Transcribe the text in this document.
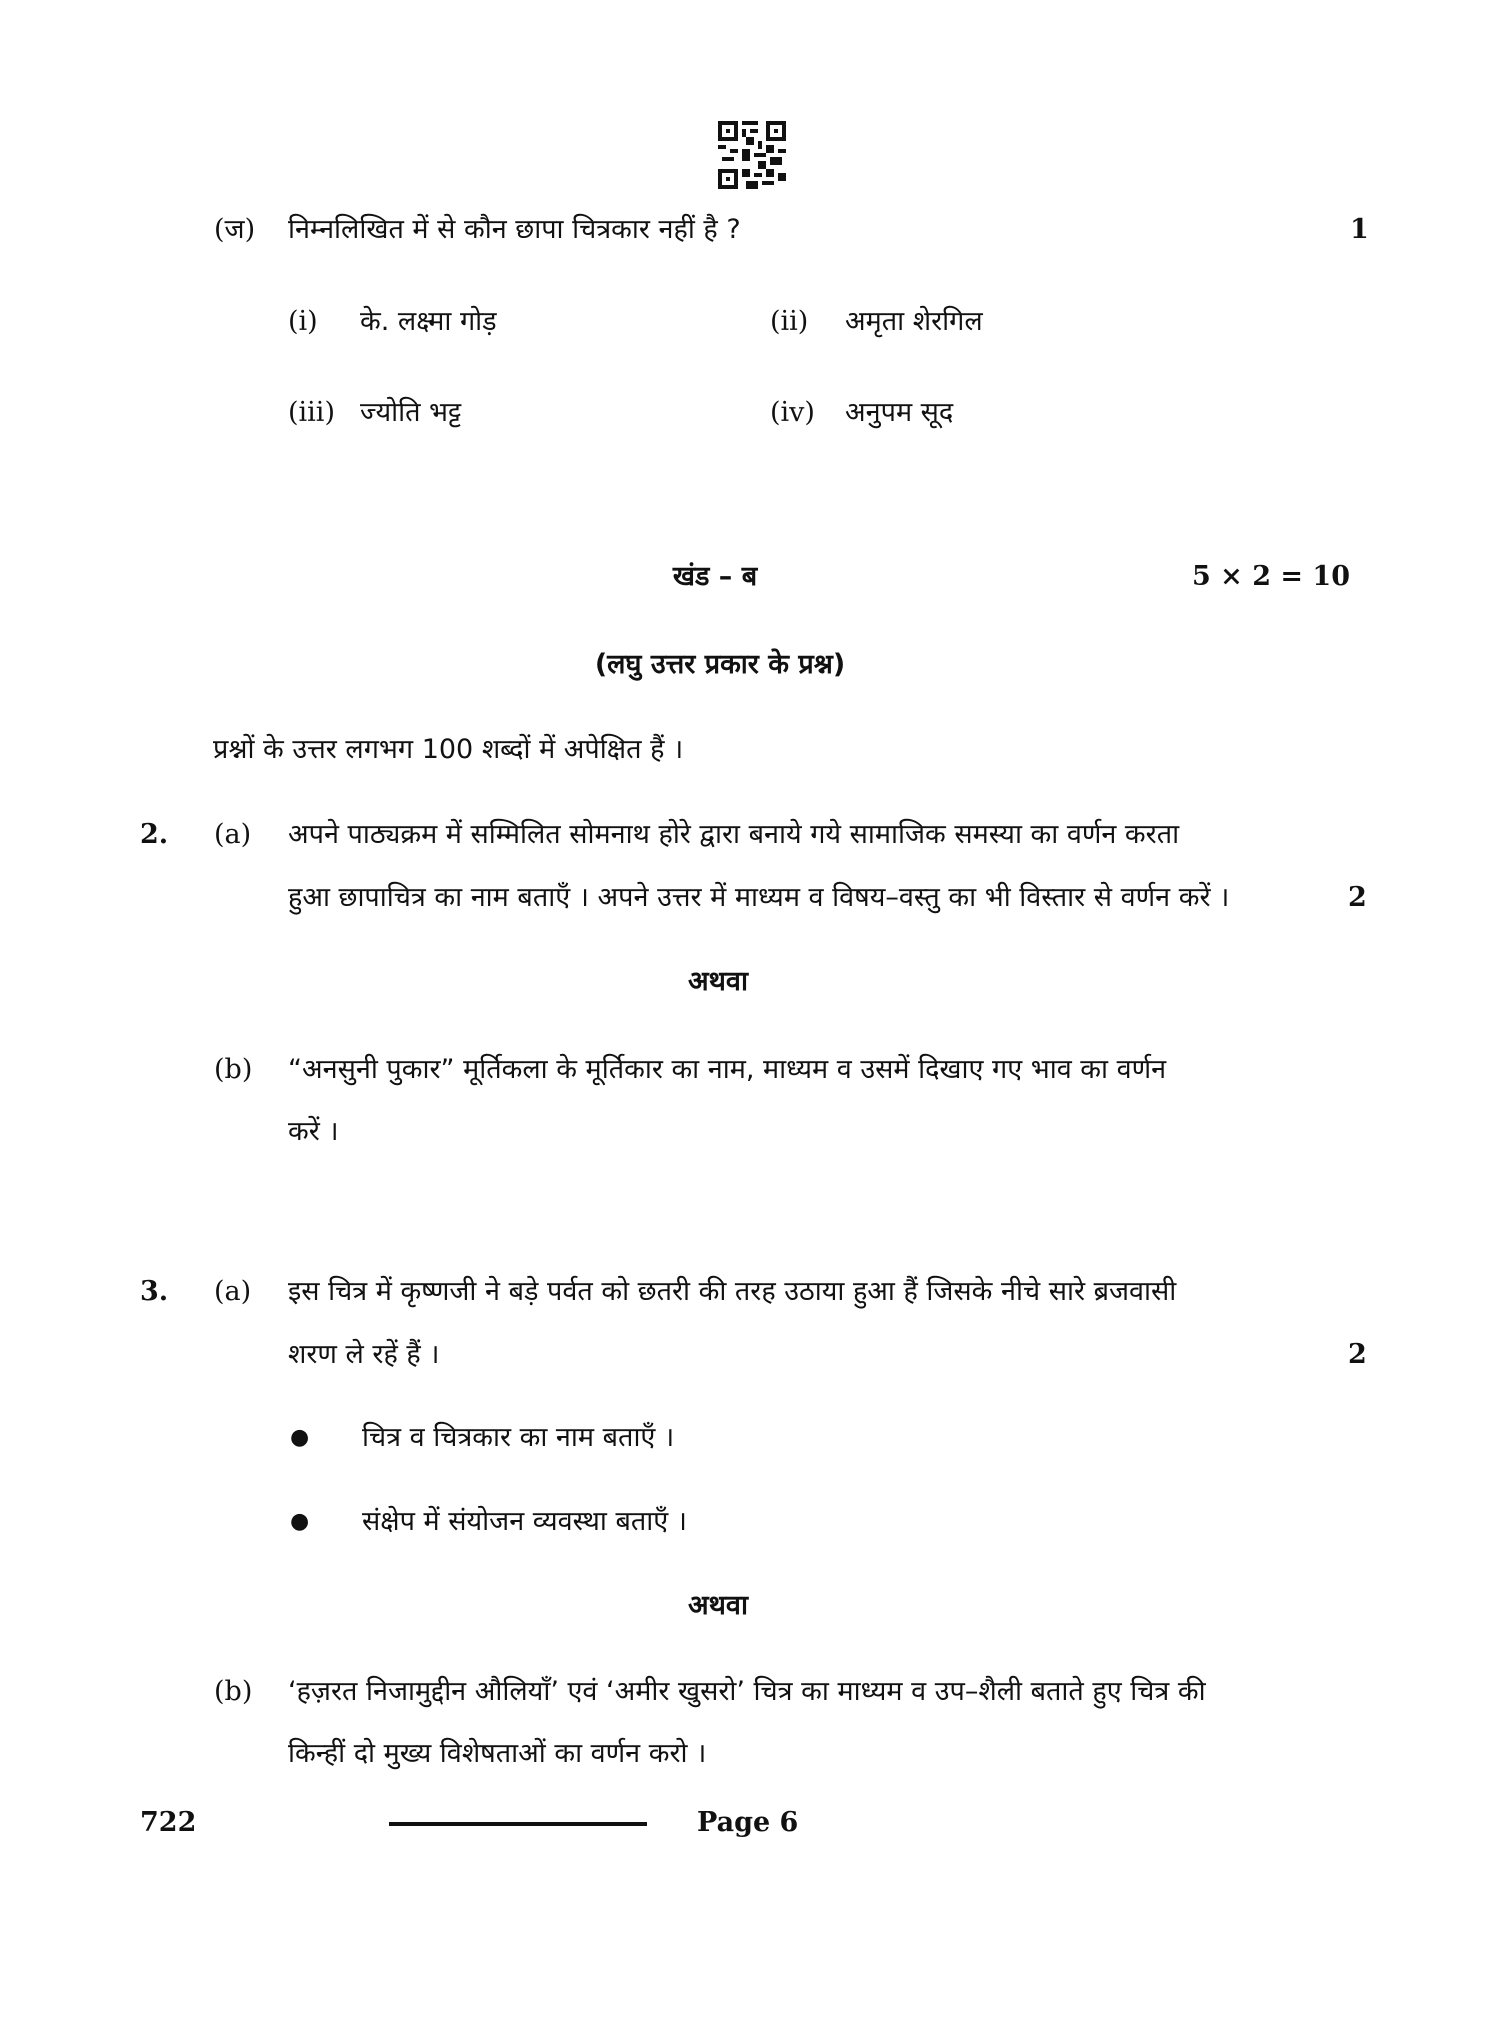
(ज) निम्नलिखित में से कौन छापा चित्रकार नहीं है ?	1
(i) के. लक्ष्मा गोड़	(ii) अमृता शेरगिल
(iii) ज्योति भट्ट	(iv) अनुपम सूद
खंड – ब	5 × 2 = 10
(लघु उत्तर प्रकार के प्रश्न)
प्रश्नों के उत्तर लगभग 100 शब्दों में अपेक्षित हैं ।
2. (a) अपने पाठ्यक्रम में सम्मिलित सोमनाथ होरे द्वारा बनाये गये सामाजिक समस्या का वर्णन करता
हुआ छापाचित्र का नाम बताएँ । अपने उत्तर में माध्यम व विषय–वस्तु का भी विस्तार से वर्णन करें ।	2
अथवा
(b) “अनसुनी पुकार” मूर्तिकला के मूर्तिकार का नाम, माध्यम व उसमें दिखाए गए भाव का वर्णन
करें ।
3. (a) इस चित्र में कृष्णजी ने बड़े पर्वत को छतरी की तरह उठाया हुआ हैं जिसके नीचे सारे ब्रजवासी
शरण ले रहें हैं ।	2
● चित्र व चित्रकार का नाम बताएँ ।
● संक्षेप में संयोजन व्यवस्था बताएँ ।
अथवा
(b) ‘हज़रत निजामुद्दीन औलियाँ’ एवं ‘अमीर खुसरो’ चित्र का माध्यम व उप–शैली बताते हुए चित्र की
किन्हीं दो मुख्य विशेषताओं का वर्णन करो ।
722	Page 6
